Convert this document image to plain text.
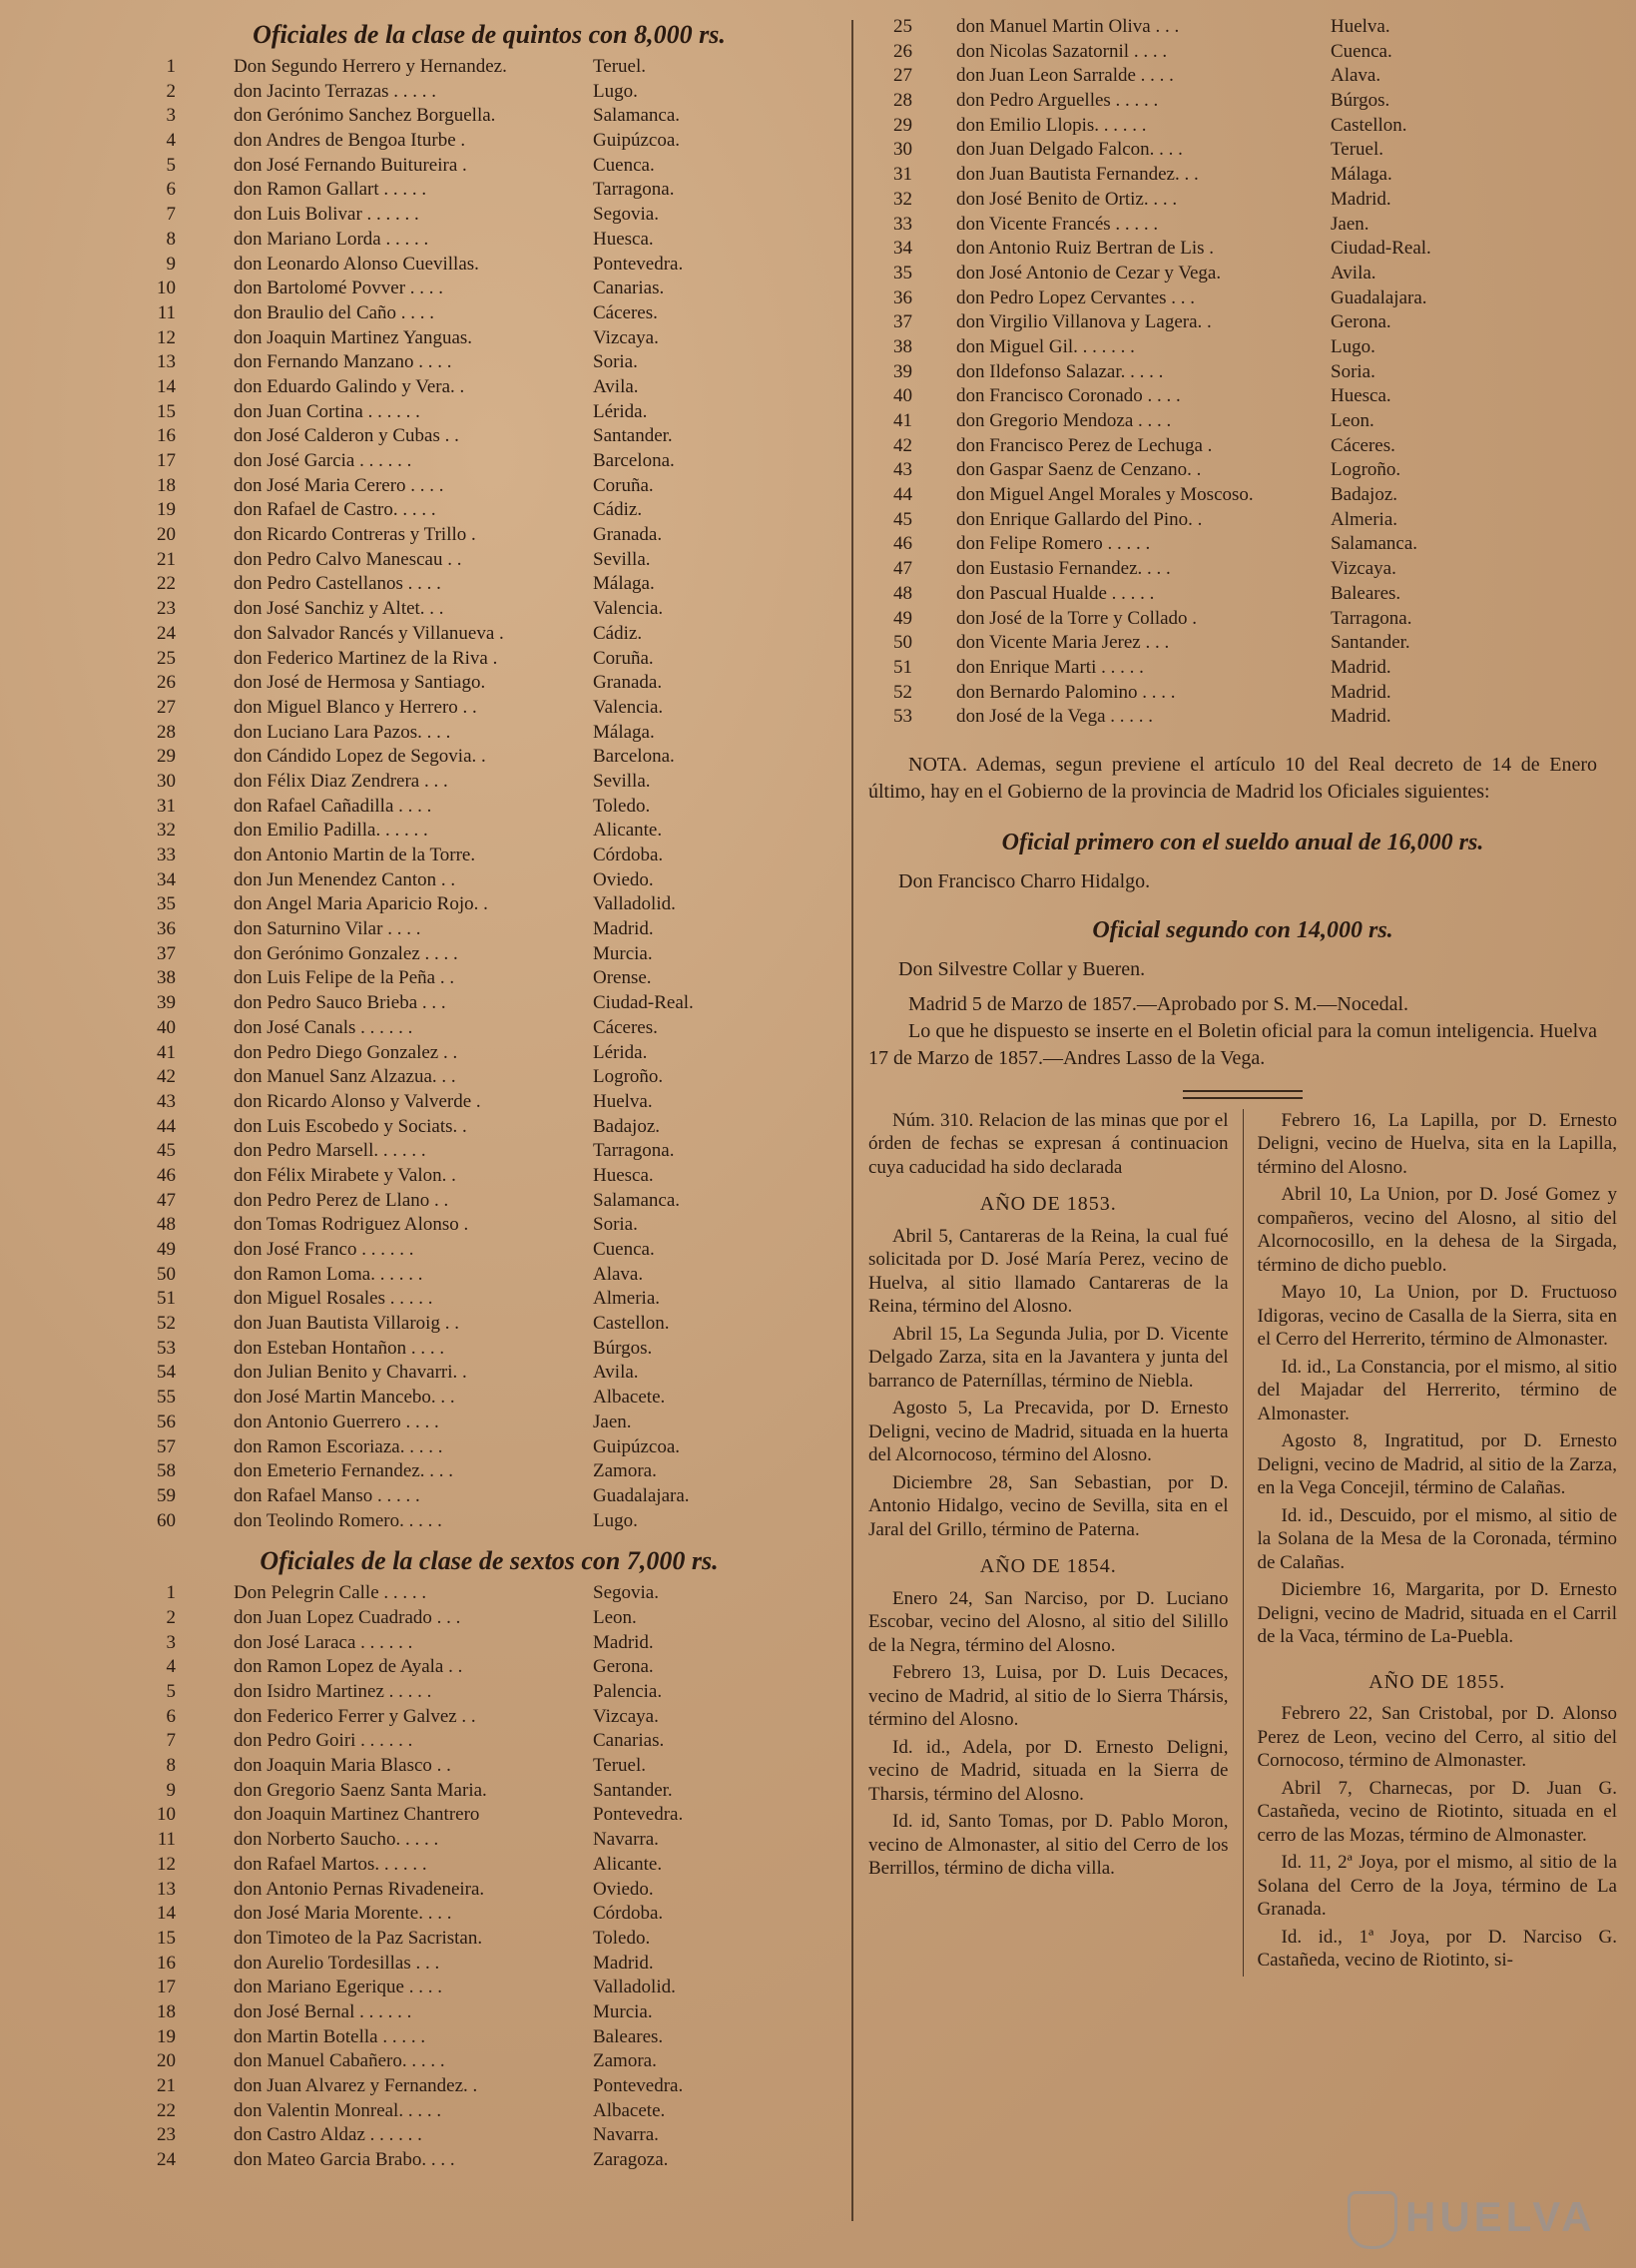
Oficiales de la clase de quintos con 8,000 rs.
1	Don Segundo Herrero y Hernandez.	Teruel.
2	don Jacinto Terrazas . . . . .	Lugo.
3	don Gerónimo Sanchez Borguella.	Salamanca.
4	don Andres de Bengoa Iturbe .	Guipúzcoa.
5	don José Fernando Buitureira .	Cuenca.
6	don Ramon Gallart . . . . .	Tarragona.
7	don Luis Bolivar . . . . . .	Segovia.
8	don Mariano Lorda . . . . .	Huesca.
9	don Leonardo Alonso Cuevillas.	Pontevedra.
10	don Bartolomé Povver . . . .	Canarias.
11	don Braulio del Caño . . . .	Cáceres.
12	don Joaquin Martinez Yanguas.	Vizcaya.
13	don Fernando Manzano . . . .	Soria.
14	don Eduardo Galindo y Vera. .	Avila.
15	don Juan Cortina . . . . . .	Lérida.
16	don José Calderon y Cubas . .	Santander.
17	don José Garcia . . . . . .	Barcelona.
18	don José Maria Cerero . . . .	Coruña.
19	don Rafael de Castro. . . . .	Cádiz.
20	don Ricardo Contreras y Trillo .	Granada.
21	don Pedro Calvo Manescau . .	Sevilla.
22	don Pedro Castellanos . . . .	Málaga.
23	don José Sanchiz y Altet. . .	Valencia.
24	don Salvador Rancés y Villanueva .	Cádiz.
25	don Federico Martinez de la Riva .	Coruña.
26	don José de Hermosa y Santiago.	Granada.
27	don Miguel Blanco y Herrero . .	Valencia.
28	don Luciano Lara Pazos. . . .	Málaga.
29	don Cándido Lopez de Segovia. .	Barcelona.
30	don Félix Diaz Zendrera . . .	Sevilla.
31	don Rafael Cañadilla . . . .	Toledo.
32	don Emilio Padilla. . . . . .	Alicante.
33	don Antonio Martin de la Torre.	Córdoba.
34	don Jun Menendez Canton . .	Oviedo.
35	don Angel Maria Aparicio Rojo. .	Valladolid.
36	don Saturnino Vilar . . . .	Madrid.
37	don Gerónimo Gonzalez . . . .	Murcia.
38	don Luis Felipe de la Peña . .	Orense.
39	don Pedro Sauco Brieba . . .	Ciudad-Real.
40	don José Canals . . . . . .	Cáceres.
41	don Pedro Diego Gonzalez . .	Lérida.
42	don Manuel Sanz Alzazua. . .	Logroño.
43	don Ricardo Alonso y Valverde .	Huelva.
44	don Luis Escobedo y Sociats. .	Badajoz.
45	don Pedro Marsell. . . . . .	Tarragona.
46	don Félix Mirabete y Valon. .	Huesca.
47	don Pedro Perez de Llano . .	Salamanca.
48	don Tomas Rodriguez Alonso .	Soria.
49	don José Franco . . . . . .	Cuenca.
50	don Ramon Loma. . . . . .	Alava.
51	don Miguel Rosales . . . . .	Almeria.
52	don Juan Bautista Villaroig . .	Castellon.
53	don Esteban Hontañon . . . .	Búrgos.
54	don Julian Benito y Chavarri. .	Avila.
55	don José Martin Mancebo. . .	Albacete.
56	don Antonio Guerrero . . . .	Jaen.
57	don Ramon Escoriaza. . . . .	Guipúzcoa.
58	don Emeterio Fernandez. . . .	Zamora.
59	don Rafael Manso . . . . .	Guadalajara.
60	don Teolindo Romero. . . . .	Lugo.
Oficiales de la clase de sextos con 7,000 rs.
1	Don Pelegrin Calle . . . . .	Segovia.
2	don Juan Lopez Cuadrado . . .	Leon.
3	don José Laraca . . . . . .	Madrid.
4	don Ramon Lopez de Ayala . .	Gerona.
5	don Isidro Martinez . . . . .	Palencia.
6	don Federico Ferrer y Galvez . .	Vizcaya.
7	don Pedro Goiri . . . . . .	Canarias.
8	don Joaquin Maria Blasco . .	Teruel.
9	don Gregorio Saenz Santa Maria.	Santander.
10	don Joaquin Martinez Chantrero	Pontevedra.
11	don Norberto Saucho. . . . .	Navarra.
12	don Rafael Martos. . . . . .	Alicante.
13	don Antonio Pernas Rivadeneira.	Oviedo.
14	don José Maria Morente. . . .	Córdoba.
15	don Timoteo de la Paz Sacristan.	Toledo.
16	don Aurelio Tordesillas . . .	Madrid.
17	don Mariano Egerique . . . .	Valladolid.
18	don José Bernal . . . . . .	Murcia.
19	don Martin Botella . . . . .	Baleares.
20	don Manuel Cabañero. . . . .	Zamora.
21	don Juan Alvarez y Fernandez. .	Pontevedra.
22	don Valentin Monreal. . . . .	Albacete.
23	don Castro Aldaz . . . . . .	Navarra.
24	don Mateo Garcia Brabo. . . .	Zaragoza.
25 don Manuel Martin Oliva . . .	Huelva.
26 don Nicolas Sazatornil . . . .	Cuenca.
27 don Juan Leon Sarralde . . . .	Alava.
28 don Pedro Arguelles . . . . .	Búrgos.
29 don Emilio Llopis. . . . . .	Castellon.
30 don Juan Delgado Falcon. . . .	Teruel.
31 don Juan Bautista Fernandez. . .	Málaga.
32 don José Benito de Ortiz. . . .	Madrid.
33 don Vicente Francés . . . . .	Jaen.
34 don Antonio Ruiz Bertran de Lis .	Ciudad-Real.
35 don José Antonio de Cezar y Vega.	Avila.
36 don Pedro Lopez Cervantes . . .	Guadalajara.
37 don Virgilio Villanova y Lagera. .	Gerona.
38 don Miguel Gil. . . . . . .	Lugo.
39 don Ildefonso Salazar. . . . .	Soria.
40 don Francisco Coronado . . . .	Huesca.
41 don Gregorio Mendoza . . . .	Leon.
42 don Francisco Perez de Lechuga .	Cáceres.
43 don Gaspar Saenz de Cenzano. .	Logroño.
44 don Miguel Angel Morales y Moscoso.	Badajoz.
45 don Enrique Gallardo del Pino. .	Almeria.
46 don Felipe Romero . . . . .	Salamanca.
47 don Eustasio Fernandez. . . .	Vizcaya.
48 don Pascual Hualde . . . . .	Baleares.
49 don José de la Torre y Collado .	Tarragona.
50 don Vicente Maria Jerez . . .	Santander.
51 don Enrique Marti . . . . .	Madrid.
52 don Bernardo Palomino . . . .	Madrid.
53 don José de la Vega . . . . .	Madrid.

NOTA. Ademas, segun previene el artículo 10 del Real decreto de 14 de Enero último, hay en el Gobierno de la provincia de Madrid los Oficiales siguientes:

Oficial primero con el sueldo anual de 16,000 rs.

Don Francisco Charro Hidalgo.

Oficial segundo con 14,000 rs.

Don Silvestre Collar y Bueren.

Madrid 5 de Marzo de 1857.—Aprobado por S. M.—Nocedal.

Lo que he dispuesto se inserte en el Boletin oficial para la comun inteligencia. Huelva 17 de Marzo de 1857.—Andres Lasso de la Vega.

Núm. 310. Relacion de las minas que por el órden de fechas se expresan á continuacion cuya caducidad ha sido declarada

AÑO DE 1853.

Abril 5, Cantareras de la Reina, la cual fué solicitada por D. José María Perez, vecino de Huelva, al sitio llamado Cantareras de la Reina, término del Alosno.

Abril 15, La Segunda Julia, por D. Vicente Delgado Zarza, sita en la Javantera y junta del barranco de Paterníllas, término de Niebla.

Agosto 5, La Precavida, por D. Ernesto Deligni, vecino de Madrid, situada en la huerta del Alcornocoso, término del Alosno.

Diciembre 28, San Sebastian, por D. Antonio Hidalgo, vecino de Sevilla, sita en el Jaral del Grillo, término de Paterna.

AÑO DE 1854.

Enero 24, San Narciso, por D. Luciano Escobar, vecino del Alosno, al sitio del Silillo de la Negra, término del Alosno.

Febrero 13, Luisa, por D. Luis Decaces, vecino de Madrid, al sitio de lo Sierra Thársis, término del Alosno.

Id. id., Adela, por D. Ernesto Deligni, vecino de Madrid, situada en la Sierra de Tharsis, término del Alosno.

Id. id, Santo Tomas, por D. Pablo Moron, vecino de Almonaster, al sitio del Cerro de los Berrillos, término de dicha villa.

Febrero 16, La Lapilla, por D. Ernesto Deligni, vecino de Huelva, sita en la Lapilla, término del Alosno.

Abril 10, La Union, por D. José Gomez y compañeros, vecino del Alosno, al sitio del Alcornocosillo, en la dehesa de la Sirgada, término de dicho pueblo.

Mayo 10, La Union, por D. Fructuoso Idigoras, vecino de Casalla de la Sierra, sita en el Cerro del Herrerito, término de Almonaster.

Id. id., La Constancia, por el mismo, al sitio del Majadar del Herrerito, término de Almonaster.

Agosto 8, Ingratitud, por D. Ernesto Deligni, vecino de Madrid, al sitio de la Zarza, en la Vega Concejil, término de Calañas.

Id. id., Descuido, por el mismo, al sitio de la Solana de la Mesa de la Coronada, término de Calañas.

Diciembre 16, Margarita, por D. Ernesto Deligni, vecino de Madrid, situada en el Carril de la Vaca, término de La-Puebla.

AÑO DE 1855.

Febrero 22, San Cristobal, por D. Alonso Perez de Leon, vecino del Cerro, al sitio del Cornocoso, término de Almonaster.

Abril 7, Charnecas, por D. Juan G. Castañeda, vecino de Riotinto, situada en el cerro de las Mozas, término de Almonaster.

Id. 11, 2ª Joya, por el mismo, al sitio de la Solana del Cerro de la Joya, término de La Granada.

Id. id., 1ª Joya, por D. Narciso G. Castañeda, vecino de Riotinto, si-

HUELVA
